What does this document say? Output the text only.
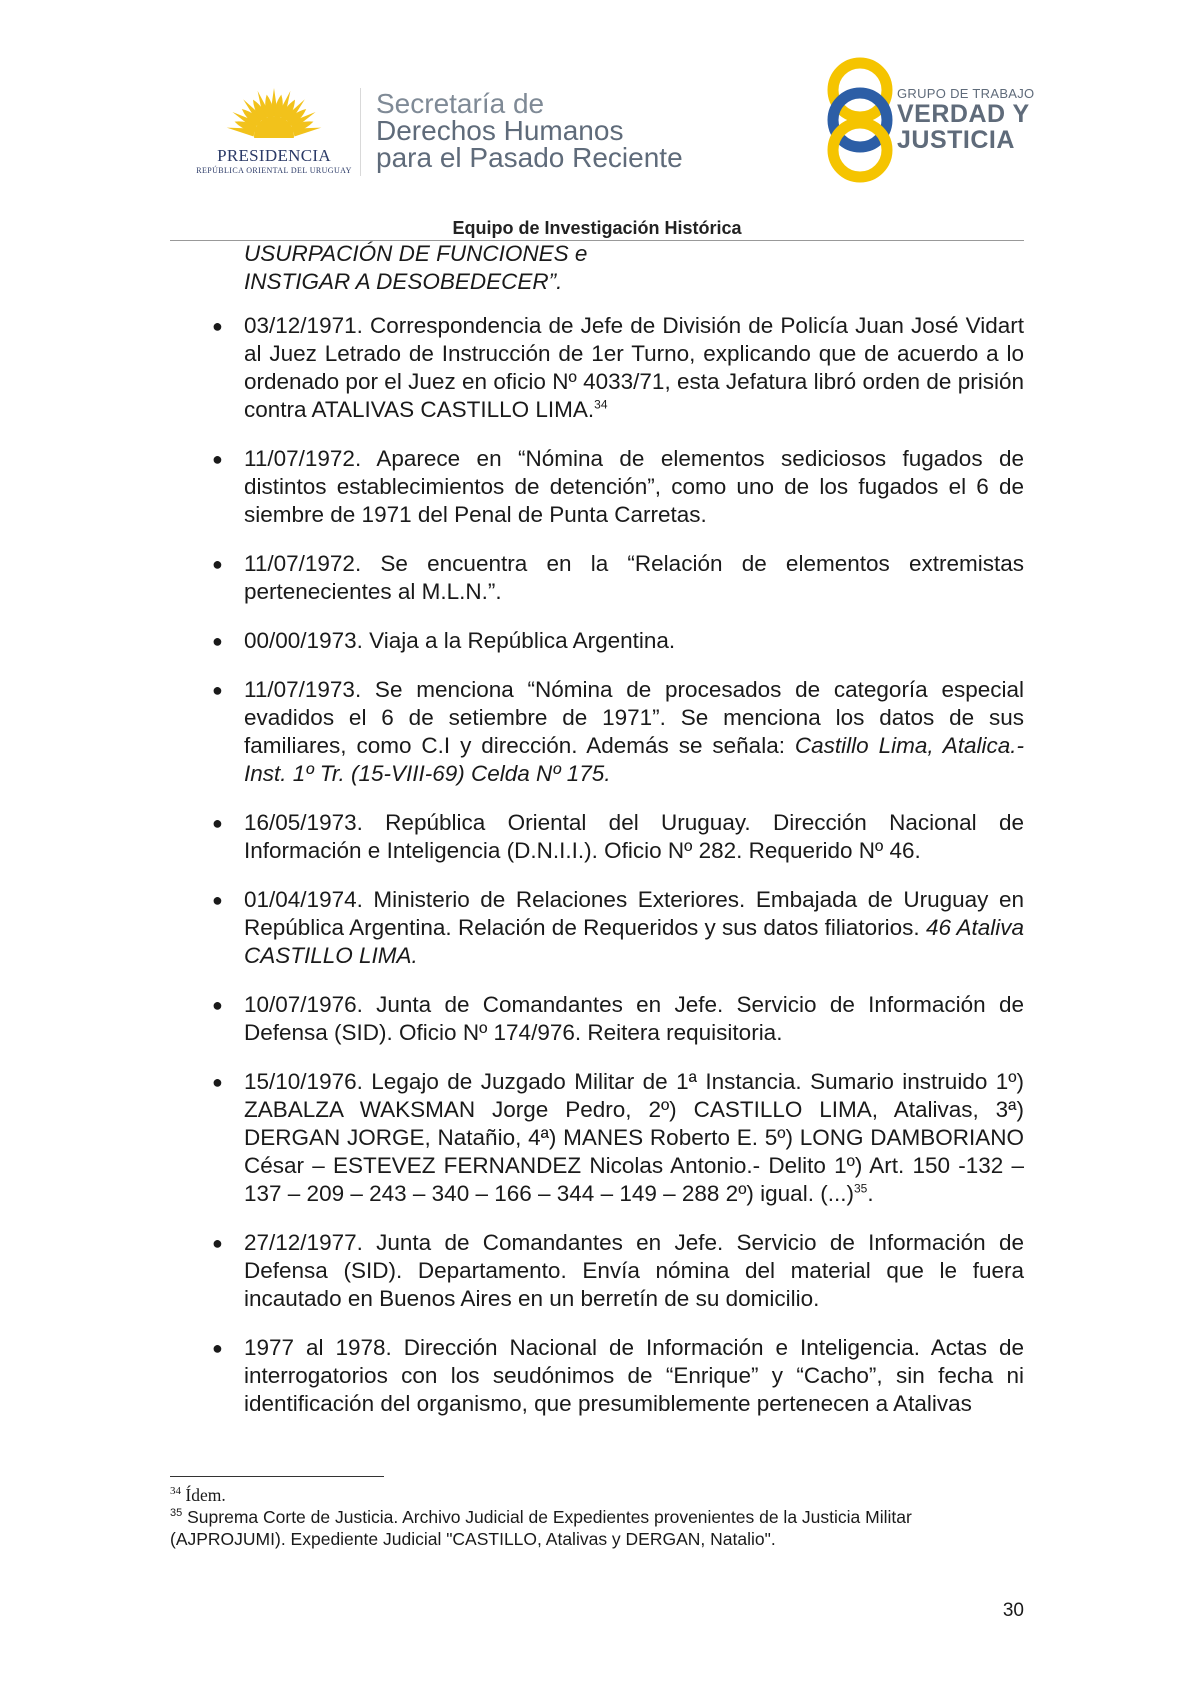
PRESIDENCIA
REPÚBLICA ORIENTAL DEL URUGUAY
Secretaría de
Derechos Humanos
para el Pasado Reciente
GRUPO DE TRABAJO
VERDAD Y
JUSTICIA
Equipo de Investigación Histórica
USURPACIÓN DE FUNCIONES e
INSTIGAR A DESOBEDECER”.
● 03/12/1971. Correspondencia de Jefe de División de Policía Juan José Vidart al Juez Letrado de Instrucción de 1er Turno, explicando que de acuerdo a lo ordenado por el Juez en oficio Nº 4033/71, esta Jefatura libró orden de prisión contra ATALIVAS CASTILLO LIMA.$^{34}$
● 11/07/1972. Aparece en “Nómina de elementos sediciosos fugados de distintos establecimientos de detención”, como uno de los fugados el 6 de siembre de 1971 del Penal de Punta Carretas.
● 11/07/1972. Se encuentra en la “Relación de elementos extremistas pertenecientes al M.L.N.”.
● 00/00/1973. Viaja a la República Argentina.
● 11/07/1973. Se menciona “Nómina de procesados de categoría especial evadidos el 6 de setiembre de 1971”. Se menciona los datos de sus familiares, como C.I y dirección. Además se señala: Castillo Lima, Atalica.- Inst. 1º Tr. (15-VIII-69) Celda Nº 175.
● 16/05/1973. República Oriental del Uruguay. Dirección Nacional de Información e Inteligencia (D.N.I.I.). Oficio Nº 282. Requerido Nº 46.
● 01/04/1974. Ministerio de Relaciones Exteriores. Embajada de Uruguay en República Argentina. Relación de Requeridos y sus datos filiatorios. 46 Ataliva CASTILLO LIMA.
● 10/07/1976. Junta de Comandantes en Jefe. Servicio de Información de Defensa (SID). Oficio Nº 174/976. Reitera requisitoria.
● 15/10/1976. Legajo de Juzgado Militar de 1ª Instancia. Sumario instruido 1º) ZABALZA WAKSMAN Jorge Pedro, 2º) CASTILLO LIMA, Atalivas, 3ª) DERGAN JORGE, Natañio, 4ª) MANES Roberto E. 5º) LONG DAMBORIANO César – ESTEVEZ FERNANDEZ Nicolas Antonio.- Delito 1º) Art. 150 -132 – 137 – 209 – 243 – 340 – 166 – 344 – 149 – 288 2º) igual. (...)$^{35}$.
● 27/12/1977. Junta de Comandantes en Jefe. Servicio de Información de Defensa (SID). Departamento. Envía nómina del material que le fuera incautado en Buenos Aires en un berretín de su domicilio.
● 1977 al 1978. Dirección Nacional de Información e Inteligencia. Actas de interrogatorios con los seudónimos de “Enrique” y “Cacho”, sin fecha ni identificación del organismo, que presumiblemente pertenecen a Atalivas
$^{34}$ Ídem.
$^{35}$ Suprema Corte de Justicia. Archivo Judicial de Expedientes provenientes de la Justicia Militar (AJPROJUMI). Expediente Judicial "CASTILLO, Atalivas y DERGAN, Natalio".
30
